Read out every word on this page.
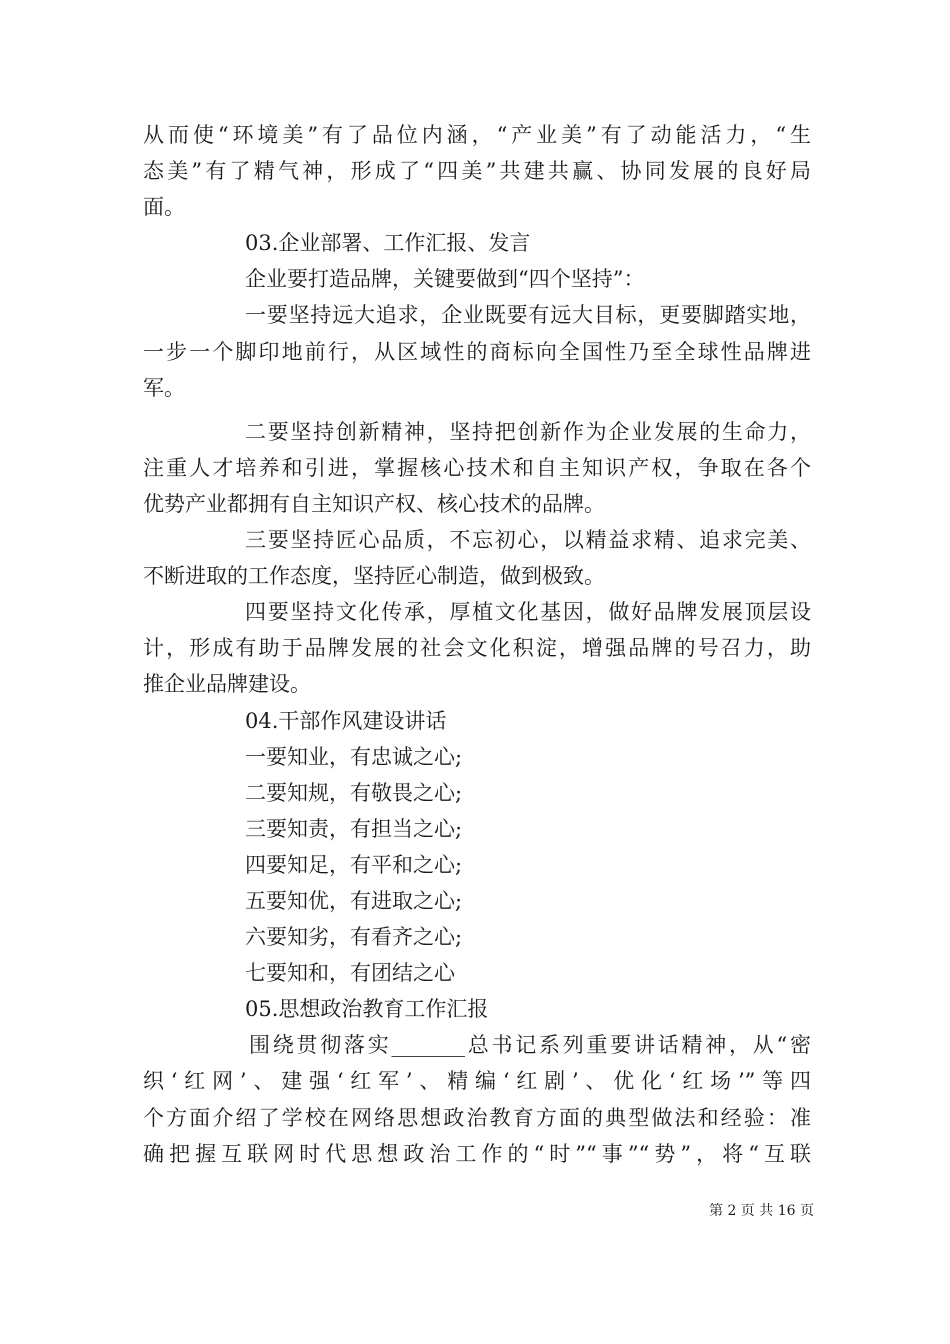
从而使“环境美”有了品位内涵，“产业美”有了动能活力，“生
态美”有了精气神，形成了“四美”共建共赢、协同发展的良好局
面。
03.企业部署、工作汇报、发言
企业要打造品牌，关键要做到“四个坚持”：
一要坚持远大追求，企业既要有远大目标，更要脚踏实地，
一步一个脚印地前行，从区域性的商标向全国性乃至全球性品牌进
军。
二要坚持创新精神，坚持把创新作为企业发展的生命力，
注重人才培养和引进，掌握核心技术和自主知识产权，争取在各个
优势产业都拥有自主知识产权、核心技术的品牌。
三要坚持匠心品质，不忘初心，以精益求精、追求完美、
不断进取的工作态度，坚持匠心制造，做到极致。
四要坚持文化传承，厚植文化基因，做好品牌发展顶层设
计，形成有助于品牌发展的社会文化积淀，增强品牌的号召力，助
推企业品牌建设。
04.干部作风建设讲话
一要知业，有忠诚之心;
二要知规，有敬畏之心;
三要知责，有担当之心;
四要知足，有平和之心;
五要知优，有进取之心;
六要知劣，有看齐之心;
七要知和，有团结之心
05.思想政治教育工作汇报
围绕贯彻落实_______总书记系列重要讲话精神，从“密
织‘红网’、建强‘红军’、精编‘红剧’、优化‘红场’”等四
个方面介绍了学校在网络思想政治教育方面的典型做法和经验：准
确把握互联网时代思想政治工作的“时”“事”“势”，将“互联
第 2 页 共 16 页
